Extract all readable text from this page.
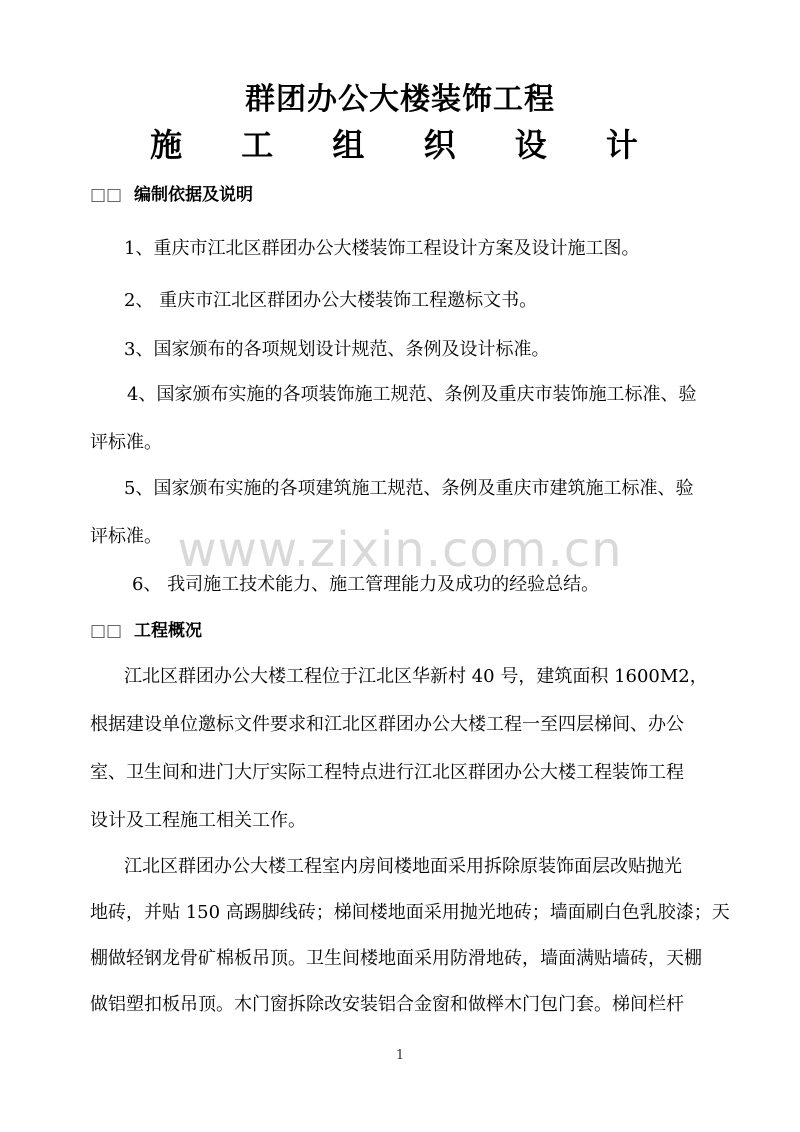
群团办公大楼装饰工程
施 工 组 织 设 计
□□ 编制依据及说明
1、重庆市江北区群团办公大楼装饰工程设计方案及设计施工图。
2、 重庆市江北区群团办公大楼装饰工程邀标文书。
3、国家颁布的各项规划设计规范、条例及设计标准。
4、国家颁布实施的各项装饰施工规范、条例及重庆市装饰施工标准、验
评标准。
5、国家颁布实施的各项建筑施工规范、条例及重庆市建筑施工标准、验
评标准。
6、 我司施工技术能力、施工管理能力及成功的经验总结。
www.zixin.com.cn
□□ 工程概况
江北区群团办公大楼工程位于江北区华新村 40 号，建筑面积 1600M2，
根据建设单位邀标文件要求和江北区群团办公大楼工程一至四层梯间、办公
室、卫生间和进门大厅实际工程特点进行江北区群团办公大楼工程装饰工程
设计及工程施工相关工作。
江北区群团办公大楼工程室内房间楼地面采用拆除原装饰面层改贴抛光
地砖，并贴 150 高踢脚线砖；梯间楼地面采用抛光地砖；墙面刷白色乳胶漆；天
棚做轻钢龙骨矿棉板吊顶。卫生间楼地面采用防滑地砖，墙面满贴墙砖，天棚
做铝塑扣板吊顶。木门窗拆除改安装铝合金窗和做榉木门包门套。梯间栏杆
1
